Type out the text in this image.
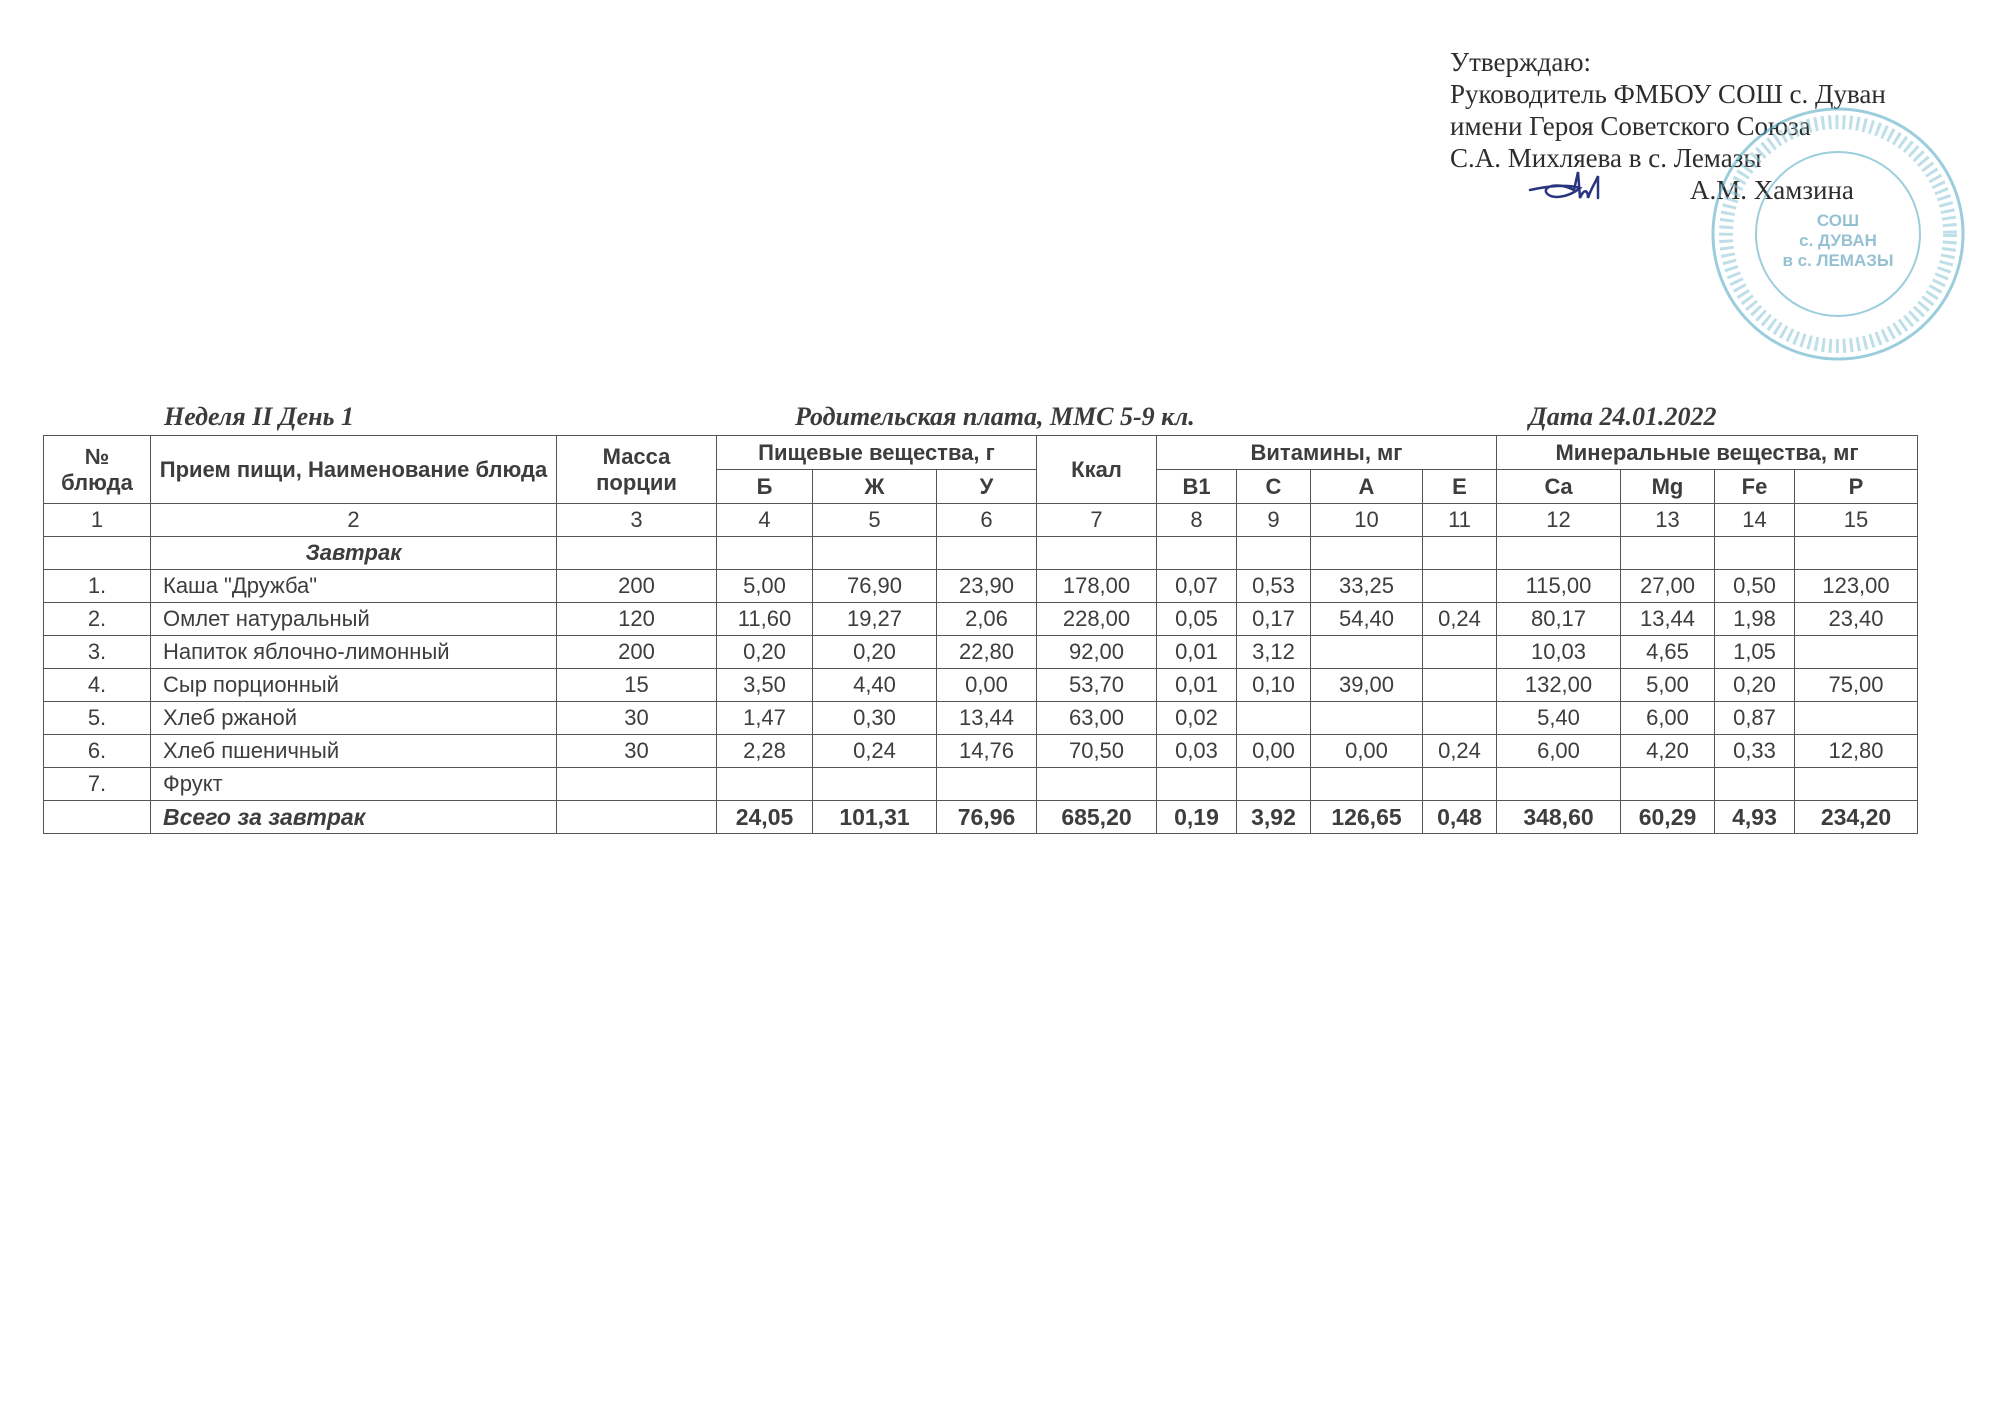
Утверждаю:
Руководитель ФМБОУ СОШ с. Дуван
имени Героя Советского Союза
С.А. Михляева в с. Лемазы
А.М. Хамзина
СОШ
с. ДУВАН
в с. ЛЕМАЗЫ
Неделя II День 1	Родительская плата, ММС 5-9 кл.	Дата 24.01.2022
№ блюда	Прием пищи, Наименование блюда	Масса порции	Пищевые вещества, г			Ккал	Витамины, мг				Минеральные вещества, мг			
			Б	Ж	У		B1	C	A	E	Ca	Mg	Fe	P
1	2	3	4	5	6	7	8	9	10	11	12	13	14	15
	Завтрак													
1.	Каша "Дружба"	200	5,00	76,90	23,90	178,00	0,07	0,53	33,25		115,00	27,00	0,50	123,00
2.	Омлет натуральный	120	11,60	19,27	2,06	228,00	0,05	0,17	54,40	0,24	80,17	13,44	1,98	23,40
3.	Напиток яблочно-лимонный	200	0,20	0,20	22,80	92,00	0,01	3,12			10,03	4,65	1,05	
4.	Сыр порционный	15	3,50	4,40	0,00	53,70	0,01	0,10	39,00		132,00	5,00	0,20	75,00
5.	Хлеб ржаной	30	1,47	0,30	13,44	63,00	0,02				5,40	6,00	0,87	
6.	Хлеб пшеничный	30	2,28	0,24	14,76	70,50	0,03	0,00	0,00	0,24	6,00	4,20	0,33	12,80
7.	Фрукт													
	Всего за завтрак		24,05	101,31	76,96	685,20	0,19	3,92	126,65	0,48	348,60	60,29	4,93	234,20
